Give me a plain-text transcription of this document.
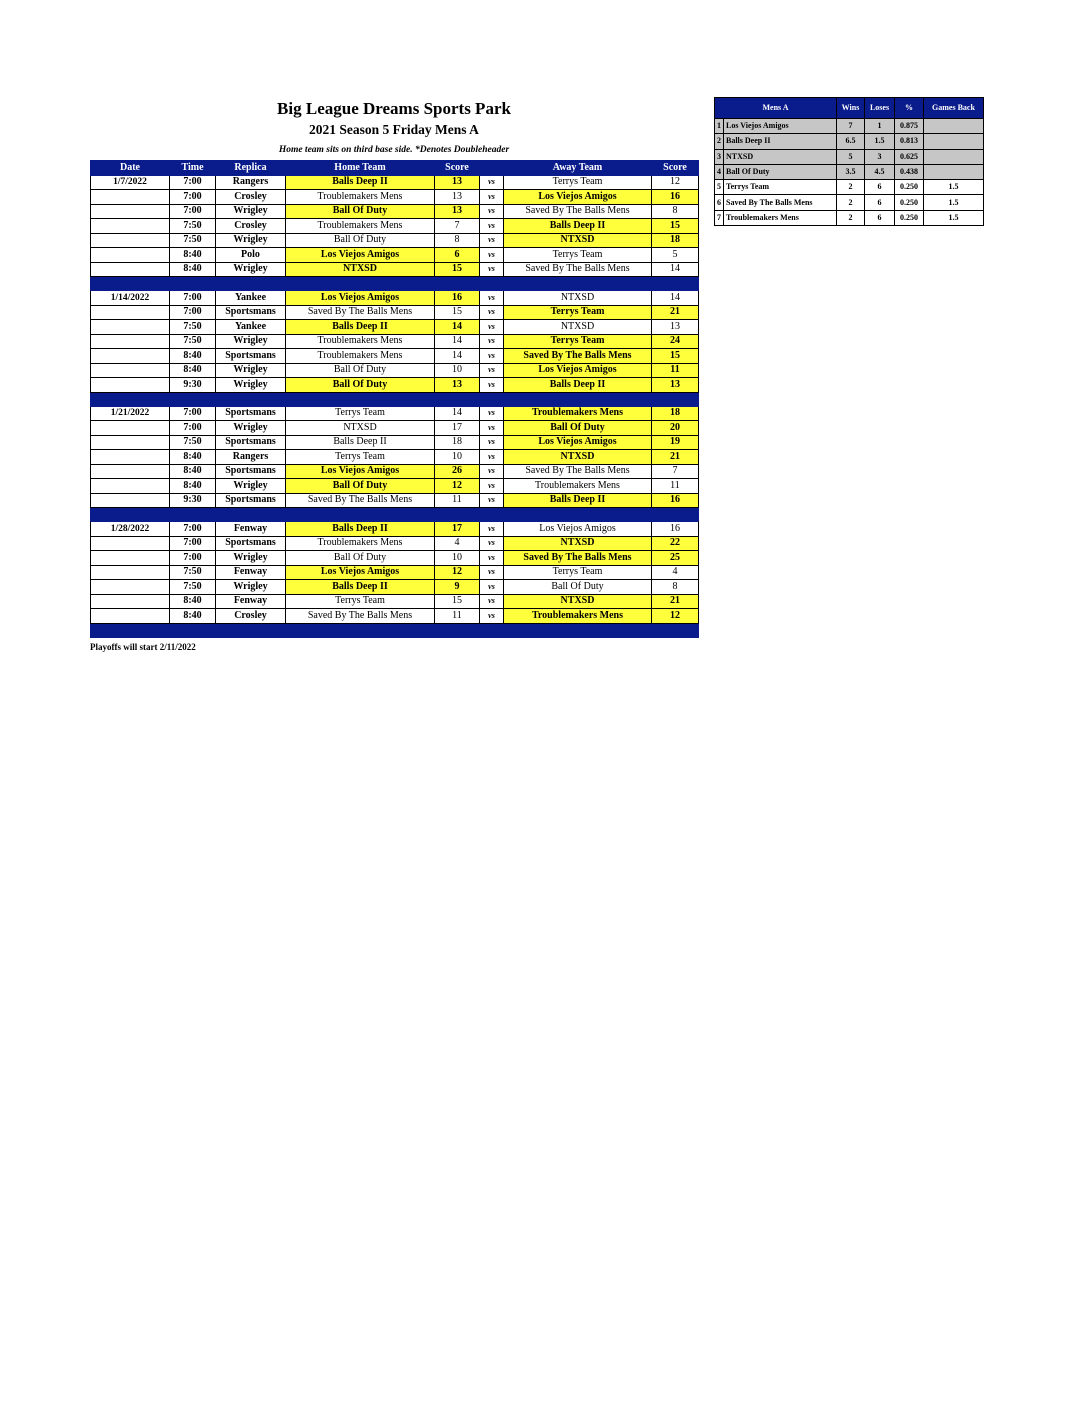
Big League Dreams Sports Park
2021 Season 5 Friday Mens A
Home team sits on third base side. *Denotes Doubleheader
Date	Time	Replica	Home Team	Score		Away Team	Score
1/7/2022	7:00	Rangers	Balls Deep II	13	vs	Terrys Team	12
	7:00	Crosley	Troublemakers Mens	13	vs	Los Viejos Amigos	16
	7:00	Wrigley	Ball Of Duty	13	vs	Saved By The Balls Mens	8
	7:50	Crosley	Troublemakers Mens	7	vs	Balls Deep II	15
	7:50	Wrigley	Ball Of Duty	8	vs	NTXSD	18
	8:40	Polo	Los Viejos Amigos	6	vs	Terrys Team	5
	8:40	Wrigley	NTXSD	15	vs	Saved By The Balls Mens	14

1/14/2022	7:00	Yankee	Los Viejos Amigos	16	vs	NTXSD	14
	7:00	Sportsmans	Saved By The Balls Mens	15	vs	Terrys Team	21
	7:50	Yankee	Balls Deep II	14	vs	NTXSD	13
	7:50	Wrigley	Troublemakers Mens	14	vs	Terrys Team	24
	8:40	Sportsmans	Troublemakers Mens	14	vs	Saved By The Balls Mens	15
	8:40	Wrigley	Ball Of Duty	10	vs	Los Viejos Amigos	11
	9:30	Wrigley	Ball Of Duty	13	vs	Balls Deep II	13

1/21/2022	7:00	Sportsmans	Terrys Team	14	vs	Troublemakers Mens	18
	7:00	Wrigley	NTXSD	17	vs	Ball Of Duty	20
	7:50	Sportsmans	Balls Deep II	18	vs	Los Viejos Amigos	19
	8:40	Rangers	Terrys Team	10	vs	NTXSD	21
	8:40	Sportsmans	Los Viejos Amigos	26	vs	Saved By The Balls Mens	7
	8:40	Wrigley	Ball Of Duty	12	vs	Troublemakers Mens	11
	9:30	Sportsmans	Saved By The Balls Mens	11	vs	Balls Deep II	16

1/28/2022	7:00	Fenway	Balls Deep II	17	vs	Los Viejos Amigos	16
	7:00	Sportsmans	Troublemakers Mens	4	vs	NTXSD	22
	7:00	Wrigley	Ball Of Duty	10	vs	Saved By The Balls Mens	25
	7:50	Fenway	Los Viejos Amigos	12	vs	Terrys Team	4
	7:50	Wrigley	Balls Deep II	9	vs	Ball Of Duty	8
	8:40	Fenway	Terrys Team	15	vs	NTXSD	21
	8:40	Crosley	Saved By The Balls Mens	11	vs	Troublemakers Mens	12

Playoffs will start 2/11/2022
Mens A		Wins	Loses	%	Games Back
1	Los Viejos Amigos	7	1	0.875	
2	Balls Deep II	6.5	1.5	0.813	
3	NTXSD	5	3	0.625	
4	Ball Of Duty	3.5	4.5	0.438	
5	Terrys Team	2	6	0.250	1.5
6	Saved By The Balls Mens	2	6	0.250	1.5
7	Troublemakers Mens	2	6	0.250	1.5
